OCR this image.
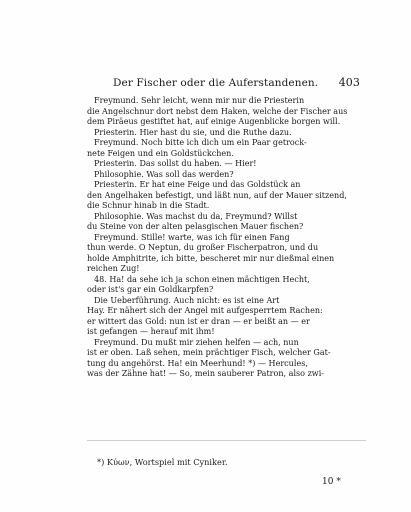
Der Fischer oder die Auferstandenen. 403
Freymund. Sehr leicht, wenn mir nur die Priesterin
die Angelschnur dort nebst dem Haken, welche der Fischer aus
dem Piräeus gestiftet hat, auf einige Augenblicke borgen will.
Priesterin. Hier hast du sie, und die Ruthe dazu.
Freymund. Noch bitte ich dich um ein Paar getrock-
nete Feigen und ein Goldstückchen.
Priesterin. Das sollst du haben. — Hier!
Philosophie. Was soll das werden?
Priesterin. Er hat eine Feige und das Goldstück an
den Angelhaken befestigt, und läßt nun, auf der Mauer sitzend,
die Schnur hinab in die Stadt.
Philosophie. Was machst du da, Freymund? Willst
du Steine von der alten pelasgischen Mauer fischen?
Freymund. Stille! warte, was ich für einen Fang
thun werde. O Neptun, du großer Fischerpatron, und du
holde Amphitrite, ich bitte, bescheret mir nur dießmal einen
reichen Zug!
48. Ha! da sehe ich ja schon einen mächtigen Hecht,
oder ist's gar ein Goldkarpfen?
Die Ueberführung. Auch nicht: es ist eine Art
Hay. Er nähert sich der Angel mit aufgesperrtem Rachen:
er wittert das Gold: nun ist er dran — er beißt an — er
ist gefangen — herauf mit ihm!
Freymund. Du mußt mir ziehen helfen — ach, nun
ist er oben. Laß sehen, mein prächtiger Fisch, welcher Gat-
tung du angehörst. Ha! ein Meerhund! *) — Hercules,
was der Zähne hat! — So, mein sauberer Patron, also zwi-
*) Κύων, Wortspiel mit Cyniker.
10 *
